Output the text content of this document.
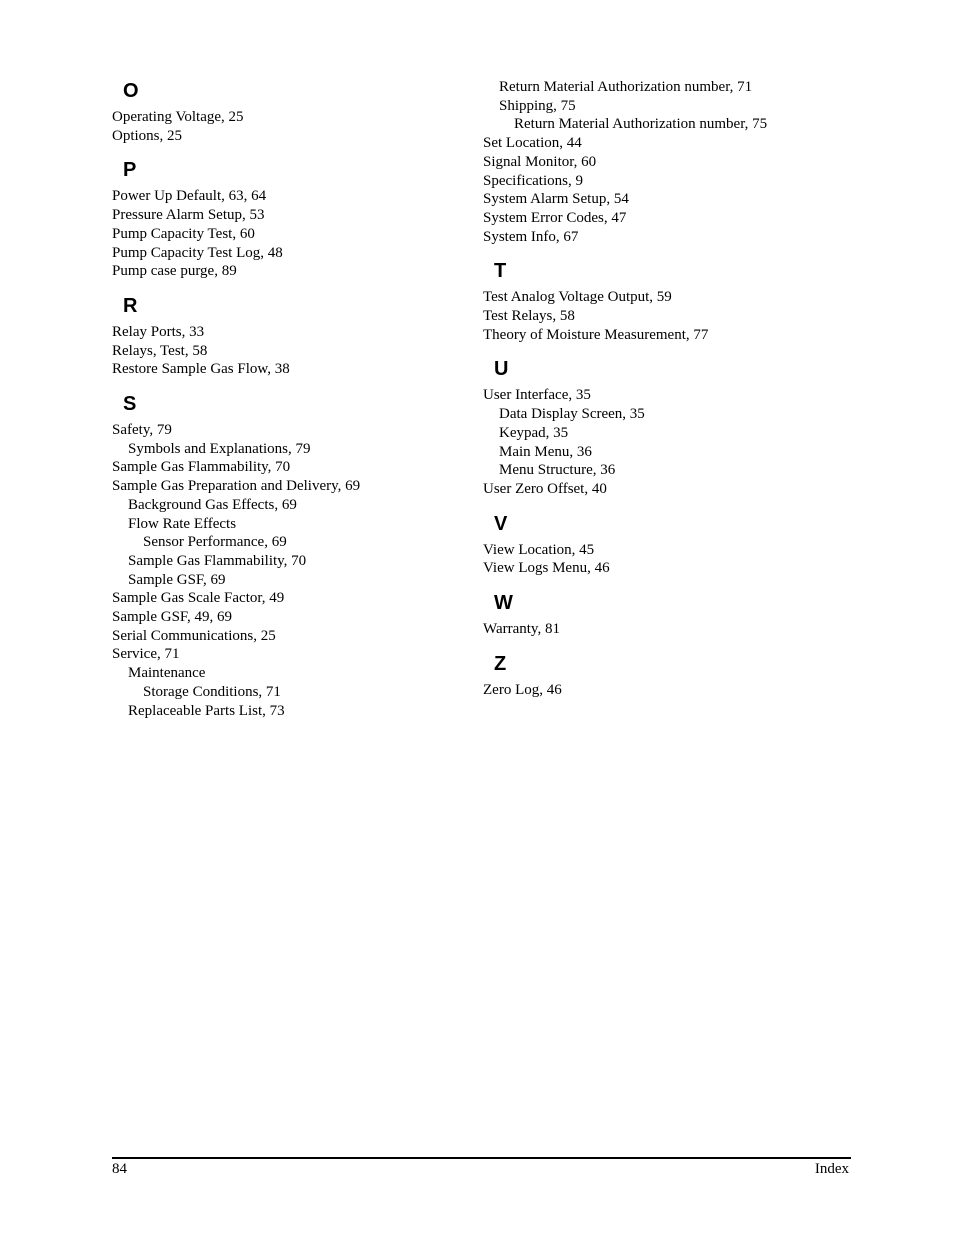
O
Operating Voltage, 25
Options, 25
P
Power Up Default, 63, 64
Pressure Alarm Setup, 53
Pump Capacity Test, 60
Pump Capacity Test Log, 48
Pump case purge, 89
R
Relay Ports, 33
Relays, Test, 58
Restore Sample Gas Flow, 38
S
Safety, 79
Symbols and Explanations, 79
Sample Gas Flammability, 70
Sample Gas Preparation and Delivery, 69
Background Gas Effects, 69
Flow Rate Effects
Sensor Performance, 69
Sample Gas Flammability, 70
Sample GSF, 69
Sample Gas Scale Factor, 49
Sample GSF, 49, 69
Serial Communications, 25
Service, 71
Maintenance
Storage Conditions, 71
Replaceable Parts List, 73
Return Material Authorization number, 71
Shipping, 75
Return Material Authorization number, 75
Set Location, 44
Signal Monitor, 60
Specifications, 9
System Alarm Setup, 54
System Error Codes, 47
System Info, 67
T
Test Analog Voltage Output, 59
Test Relays, 58
Theory of Moisture Measurement, 77
U
User Interface, 35
Data Display Screen, 35
Keypad, 35
Main Menu, 36
Menu Structure, 36
User Zero Offset, 40
V
View Location, 45
View Logs Menu, 46
W
Warranty, 81
Z
Zero Log, 46
84	Index
